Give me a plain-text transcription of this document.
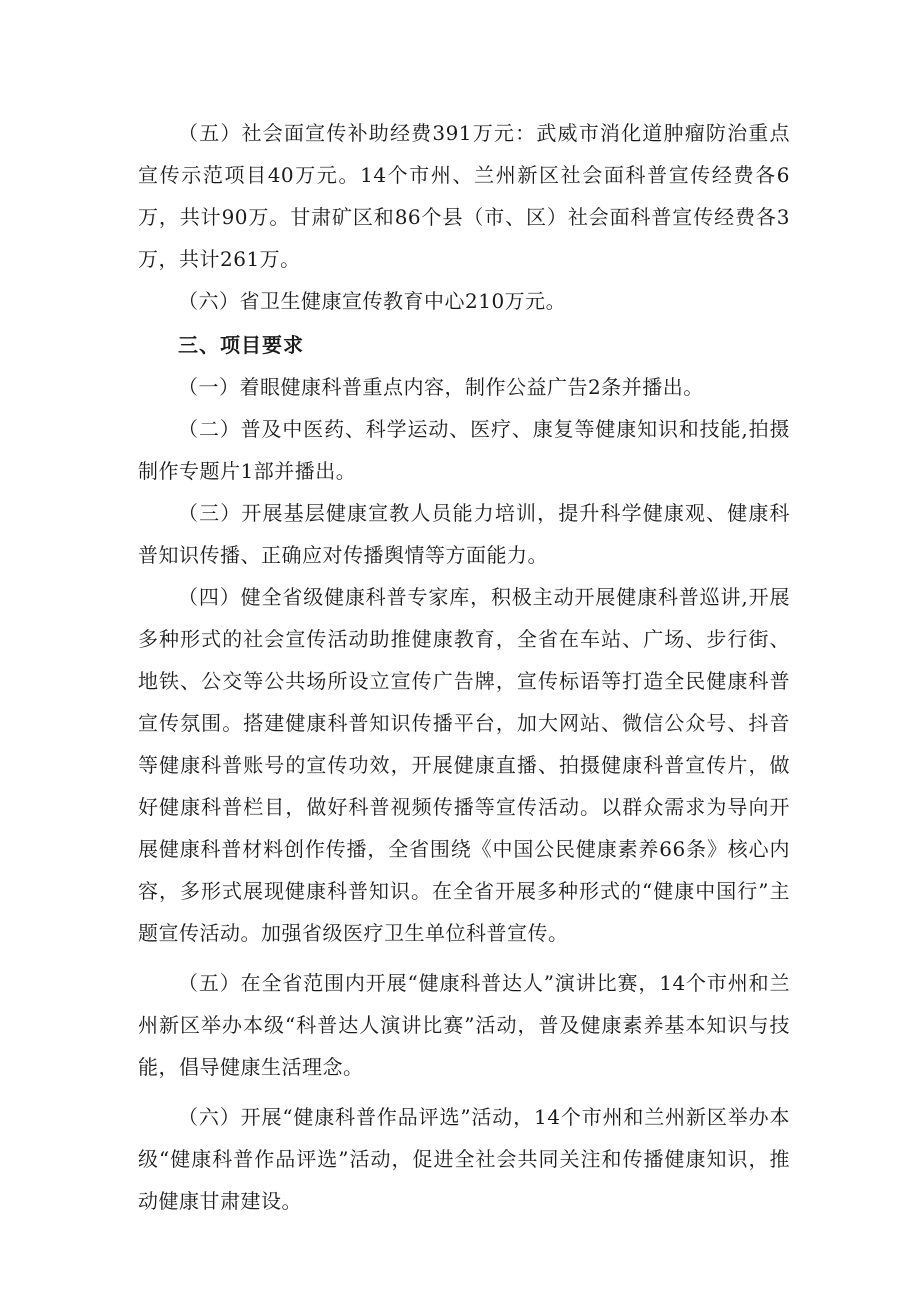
（五）社会面宣传补助经费391万元：武威市消化道肿瘤防治重点宣传示范项目40万元。14个市州、兰州新区社会面科普宣传经费各6万，共计90万。甘肃矿区和86个县（市、区）社会面科普宣传经费各3万，共计261万。

（六）省卫生健康宣传教育中心210万元。

三、项目要求

（一）着眼健康科普重点内容，制作公益广告2条并播出。

（二）普及中医药、科学运动、医疗、康复等健康知识和技能,拍摄制作专题片1部并播出。

（三）开展基层健康宣教人员能力培训，提升科学健康观、健康科普知识传播、正确应对传播舆情等方面能力。

（四）健全省级健康科普专家库，积极主动开展健康科普巡讲,开展多种形式的社会宣传活动助推健康教育，全省在车站、广场、步行街、地铁、公交等公共场所设立宣传广告牌，宣传标语等打造全民健康科普宣传氛围。搭建健康科普知识传播平台，加大网站、微信公众号、抖音等健康科普账号的宣传功效，开展健康直播、拍摄健康科普宣传片，做好健康科普栏目，做好科普视频传播等宣传活动。以群众需求为导向开展健康科普材料创作传播，全省围绕《中国公民健康素养66条》核心内容，多形式展现健康科普知识。在全省开展多种形式的“健康中国行”主题宣传活动。加强省级医疗卫生单位科普宣传。

（五）在全省范围内开展“健康科普达人”演讲比赛，14个市州和兰州新区举办本级“科普达人演讲比赛”活动，普及健康素养基本知识与技能，倡导健康生活理念。

（六）开展“健康科普作品评选”活动，14个市州和兰州新区举办本级“健康科普作品评选”活动，促进全社会共同关注和传播健康知识，推动健康甘肃建设。
